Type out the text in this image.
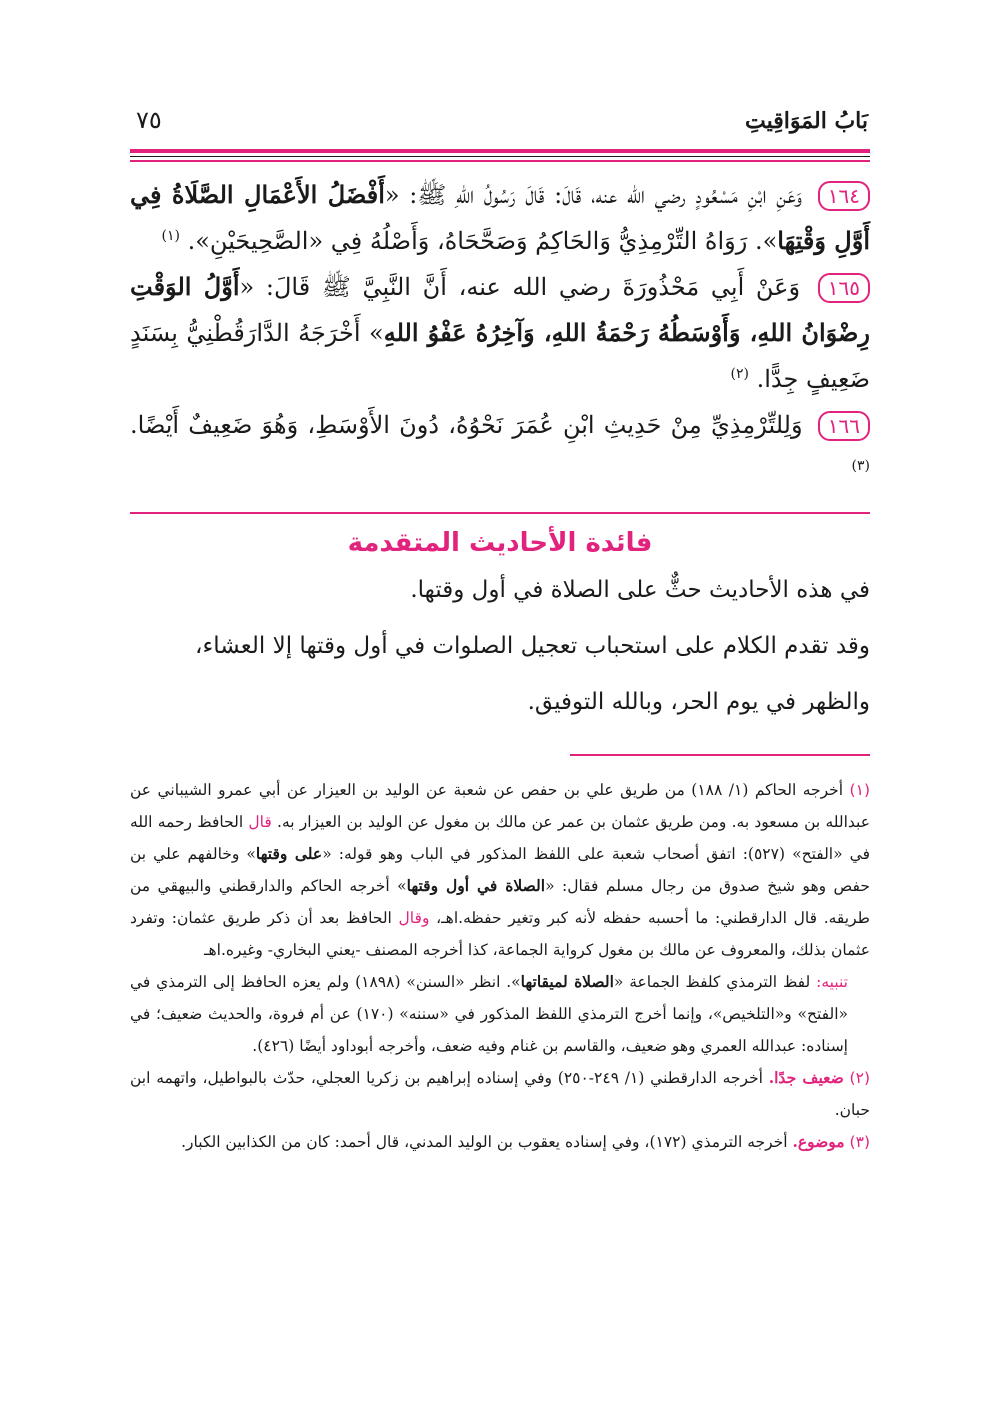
بَابُ المَوَاقِيتِ
٧٥
١٦٤ وَعَنِ ابْنِ مَسْعُودٍ رضي الله عنه، قَالَ: قَالَ رَسُولُ اللهِ ﷺ: «أَفْضَلُ الأَعْمَالِ الصَّلَاةُ فِي أَوَّلِ وَقْتِهَا». رَوَاهُ التِّرْمِذِيُّ وَالحَاكِمُ وَصَحَّحَاهُ، وَأَصْلُهُ فِي «الصَّحِيحَيْنِ». $^{(١)}$
١٦٥ وَعَنْ أَبِي مَحْذُورَةَ رضي الله عنه، أَنَّ النَّبِيَّ ﷺ قَالَ: «أَوَّلُ الوَقْتِ رِضْوَانُ اللهِ، وَأَوْسَطُهُ رَحْمَةُ اللهِ، وَآخِرُهُ عَفْوُ اللهِ» أَخْرَجَهُ الدَّارَقُطْنِيُّ بِسَنَدٍ ضَعِيفٍ جِدًّا. $^{(٢)}$
١٦٦ وَلِلتِّرْمِذِيِّ مِنْ حَدِيثِ ابْنِ عُمَرَ نَحْوُهُ، دُونَ الأَوْسَطِ، وَهُوَ ضَعِيفٌ أَيْضًا. $^{(٣)}$
فائدة الأحاديث المتقدمة
في هذه الأحاديث حثٌّ على الصلاة في أول وقتها.
وقد تقدم الكلام على استحباب تعجيل الصلوات في أول وقتها إلا العشاء،
والظهر في يوم الحر، وبالله التوفيق.

(١) أخرجه الحاكم (١/ ١٨٨) من طريق علي بن حفص عن شعبة عن الوليد بن العيزار عن أبي عمرو الشيباني عن عبدالله بن مسعود به. ومن طريق عثمان بن عمر عن مالك بن مغول عن الوليد بن العيزار به. قال الحافظ رحمه الله في «الفتح» (٥٢٧): اتفق أصحاب شعبة على اللفظ المذكور في الباب وهو قوله: «على وقتها» وخالفهم علي بن حفص وهو شيخ صدوق من رجال مسلم فقال: «الصلاة في أول وقتها» أخرجه الحاكم والدارقطني والبيهقي من طريقه. قال الدارقطني: ما أحسبه حفظه لأنه كبر وتغير حفظه.اهـ، وقال الحافظ بعد أن ذكر طريق عثمان: وتفرد عثمان بذلك، والمعروف عن مالك بن مغول كرواية الجماعة، كذا أخرجه المصنف -يعني البخاري- وغيره.اهـ

تنبيه: لفظ الترمذي كلفظ الجماعة «الصلاة لميقاتها». انظر «السنن» (١٨٩٨) ولم يعزه الحافظ إلى الترمذي في «الفتح» و«التلخيص»، وإنما أخرج الترمذي اللفظ المذكور في «سننه» (١٧٠) عن أم فروة، والحديث ضعيف؛ في إسناده: عبدالله العمري وهو ضعيف، والقاسم بن غنام وفيه ضعف، وأخرجه أبوداود أيضًا (٤٢٦).

(٢) ضعيف جدًا. أخرجه الدارقطني (١/ ٢٤٩-٢٥٠) وفي إسناده إبراهيم بن زكريا العجلي، حدّث بالبواطيل، واتهمه ابن حبان.

(٣) موضوع. أخرجه الترمذي (١٧٢)، وفي إسناده يعقوب بن الوليد المدني، قال أحمد: كان من الكذابين الكبار.
